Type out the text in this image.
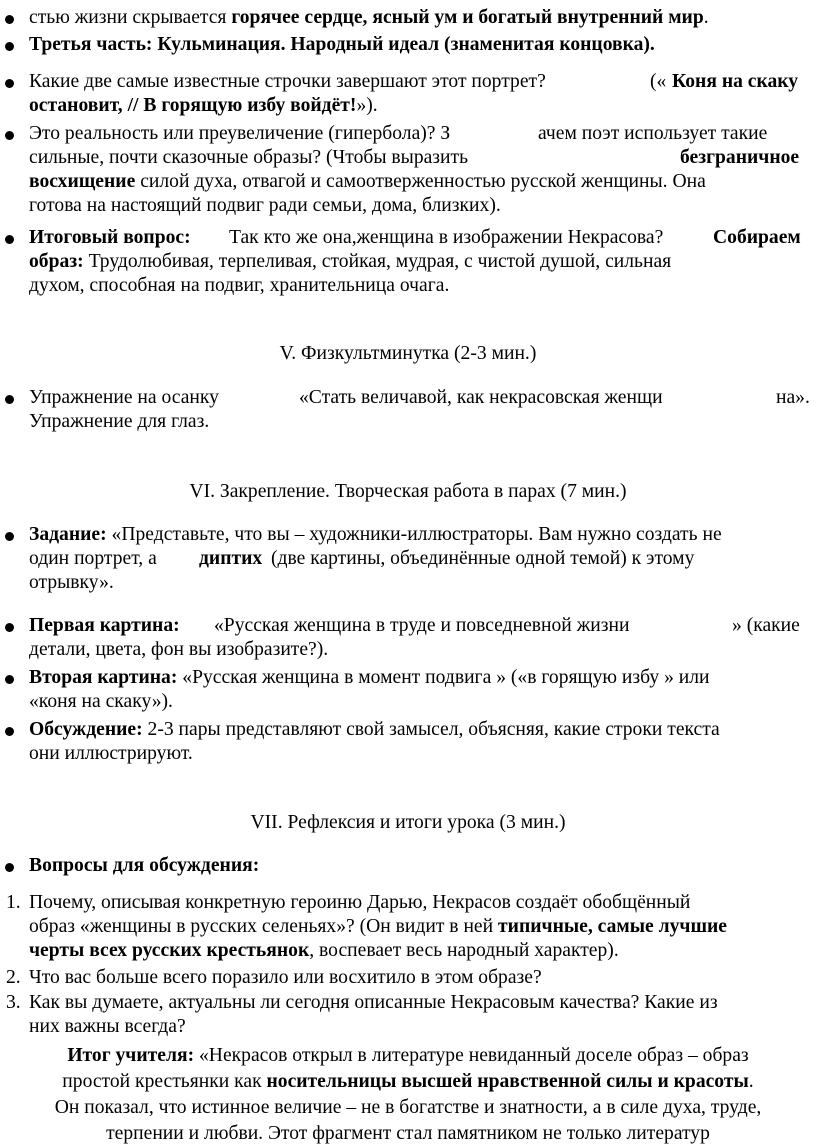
стью жизни скрывается горячее сердце, ясный ум и богатый внутренний мир.
Третья часть: Кульминация. Народный идеал (знаменитая концовка).
Какие две самые известные строчки завершают этот портрет?	(« Коня на скаку
остановит, // В горящую избу войдёт!»).
Это реальность или преувеличение (гипербола)? З	ачем поэт использует такие

сильные, почти сказочные образы? (Чтобы выразить	безграничное
восхищение силой духа, отвагой и самоотверженностью русской женщины. Она
готова на настоящий подвиг ради семьи, дома, близких).
Итоговый вопрос: Так кто же она,женщина в изображении Некрасова?	Собираем

образ: Трудолюбивая, терпеливая, стойкая, мудрая, с чистой душой, сильная
духом, способная на подвиг, хранительница очага.
V. Физкультминутка (2-3 мин.)
Упражнение на осанку	«Стать величавой, как некрасовская женщи	на».
Упражнение для глаз.
VI. Закрепление. Творческая работа в парах (7 мин.)
Задание: «Представьте, что вы – художники-иллюстраторы. Вам нужно создать не
один портрет, а диптих (две картины, объединённые одной темой) к этому
отрывку».
Первая картина: «Русская женщина в труде и повседневной жизни	» (какие
детали, цвета, фон вы изобразите?).
Вторая картина: «Русская женщина в момент подвига » («в горящую избу » или
«коня на скаку»).
Обсуждение: 2-3 пары представляют свой замысел, объясняя, какие строки текста
они иллюстрируют.
VII. Рефлексия и итоги урока (3 мин.)
Вопросы для обсуждения:
1. Почему, описывая конкретную героиню Дарью, Некрасов создаёт обобщённый
образ «женщины в русских селеньях»? (Он видит в ней типичные, самые лучшие
черты всех русских крестьянок, воспевает весь народный характер).
2. Что вас больше всего поразило или восхитило в этом образе?
3. Как вы думаете, актуальны ли сегодня описанные Некрасовым качества? Какие из
них важны всегда?
Итог учителя: «Некрасов открыл в литературе невиданный доселе образ – образ
простой крестьянки как носительницы высшей нравственной силы и красоты.
Он показал, что истинное величие – не в богатстве и знатности, а в силе духа, труде,
терпении и любви. Этот фрагмент стал памятником не только литератур
